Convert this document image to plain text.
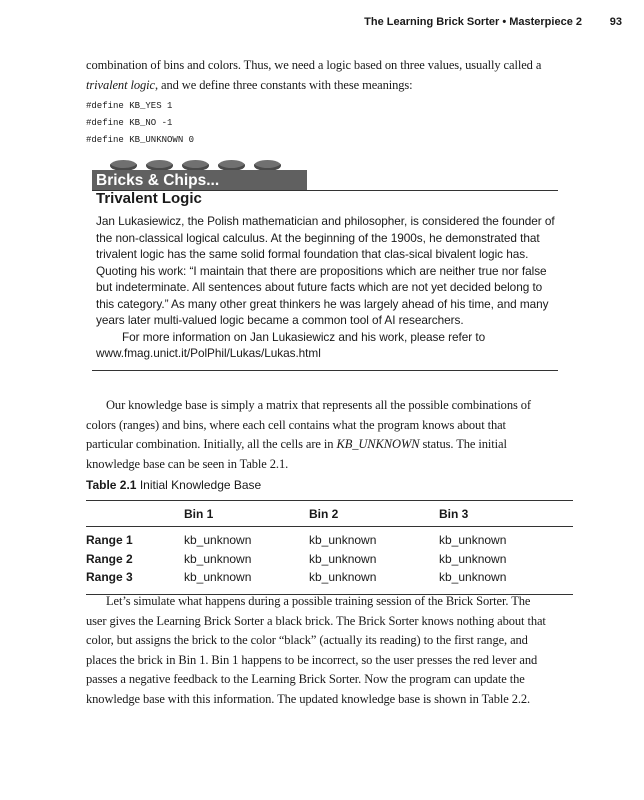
The Learning Brick Sorter • Masterpiece 2	93
combination of bins and colors. Thus, we need a logic based on three values, usually called a trivalent logic, and we define three constants with these meanings:
#define KB_YES 1
#define KB_NO -1
#define KB_UNKNOWN 0
Bricks & Chips...
Trivalent Logic

Jan Lukasiewicz, the Polish mathematician and philosopher, is considered the founder of the non-classical logical calculus. At the beginning of the 1900s, he demonstrated that trivalent logic has the same solid formal foundation that clas-sical bivalent logic has. Quoting his work: “I maintain that there are propositions which are neither true nor false but indeterminate. All sentences about future facts which are not yet decided belong to this category.” As many other great thinkers he was largely ahead of his time, and many years later multi-valued logic became a common tool of AI researchers.

For more information on Jan Lukasiewicz and his work, please refer to www.fmag.unict.it/PolPhil/Lukas/Lukas.html

Our knowledge base is simply a matrix that represents all the possible combinations of colors (ranges) and bins, where each cell contains what the program knows about that particular combination. Initially, all the cells are in KB_UNKNOWN status. The initial knowledge base can be seen in Table 2.1.
Table 2.1 Initial Knowledge Base
	Bin 1	Bin 2	Bin 3
Range 1	kb_unknown	kb_unknown	kb_unknown
Range 2	kb_unknown	kb_unknown	kb_unknown
Range 3	kb_unknown	kb_unknown	kb_unknown
Let’s simulate what happens during a possible training session of the Brick Sorter. The user gives the Learning Brick Sorter a black brick. The Brick Sorter knows nothing about that color, but assigns the brick to the color “black” (actually its reading) to the first range, and places the brick in Bin 1. Bin 1 happens to be incorrect, so the user presses the red lever and passes a negative feedback to the Learning Brick Sorter. Now the program can update the knowledge base with this information. The updated knowledge base is shown in Table 2.2.
